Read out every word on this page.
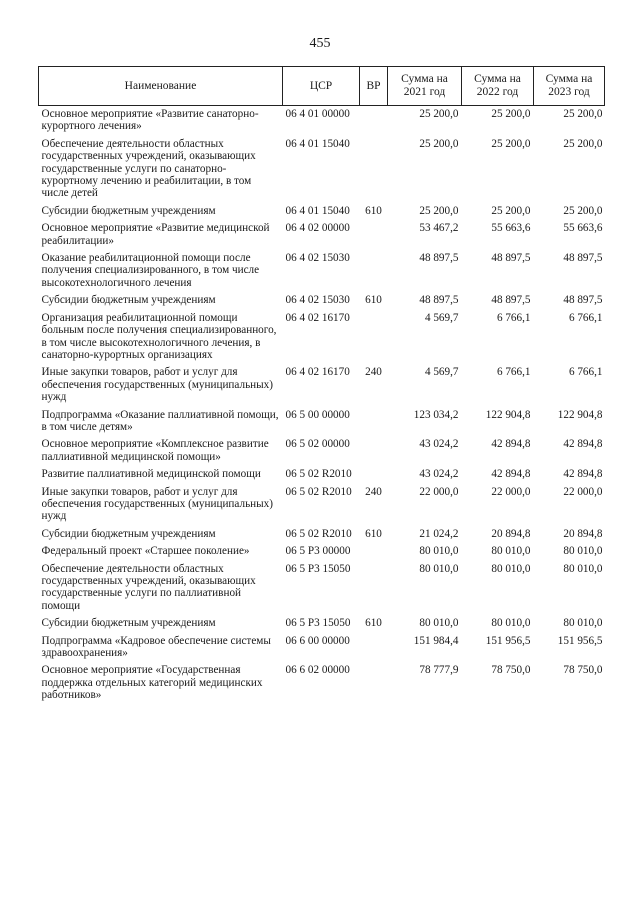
455
Наименование	ЦСР	ВР	Сумма на 2021 год	Сумма на 2022 год	Сумма на 2023 год
Основное мероприятие «Развитие санаторно-курортного лечения»	06 4 01 00000		25 200,0	25 200,0	25 200,0
Обеспечение деятельности областных государственных учреждений, оказывающих государственные услуги по санаторно-курортному лечению и реабилитации, в том числе детей	06 4 01 15040		25 200,0	25 200,0	25 200,0
Субсидии бюджетным учреждениям	06 4 01 15040	610	25 200,0	25 200,0	25 200,0
Основное мероприятие «Развитие медицинской реабилитации»	06 4 02 00000		53 467,2	55 663,6	55 663,6
Оказание реабилитационной помощи после получения специализированного, в том числе высокотехнологичного лечения	06 4 02 15030		48 897,5	48 897,5	48 897,5
Субсидии бюджетным учреждениям	06 4 02 15030	610	48 897,5	48 897,5	48 897,5
Организация реабилитационной помощи больным после получения специализированного, в том числе высокотехнологичного лечения, в санаторно-курортных организациях	06 4 02 16170		4 569,7	6 766,1	6 766,1
Иные закупки товаров, работ и услуг для обеспечения государственных (муниципальных) нужд	06 4 02 16170	240	4 569,7	6 766,1	6 766,1
Подпрограмма «Оказание паллиативной помощи, в том числе детям»	06 5 00 00000		123 034,2	122 904,8	122 904,8
Основное мероприятие «Комплексное развитие паллиативной медицинской помощи»	06 5 02 00000		43 024,2	42 894,8	42 894,8
Развитие паллиативной медицинской помощи	06 5 02 R2010		43 024,2	42 894,8	42 894,8
Иные закупки товаров, работ и услуг для обеспечения государственных (муниципальных) нужд	06 5 02 R2010	240	22 000,0	22 000,0	22 000,0
Субсидии бюджетным учреждениям	06 5 02 R2010	610	21 024,2	20 894,8	20 894,8
Федеральный проект «Старшее поколение»	06 5 P3 00000		80 010,0	80 010,0	80 010,0
Обеспечение деятельности областных государственных учреждений, оказывающих государственные услуги по паллиативной помощи	06 5 P3 15050		80 010,0	80 010,0	80 010,0
Субсидии бюджетным учреждениям	06 5 P3 15050	610	80 010,0	80 010,0	80 010,0
Подпрограмма «Кадровое обеспечение системы здравоохранения»	06 6 00 00000		151 984,4	151 956,5	151 956,5
Основное мероприятие «Государственная поддержка отдельных категорий медицинских работников»	06 6 02 00000		78 777,9	78 750,0	78 750,0
